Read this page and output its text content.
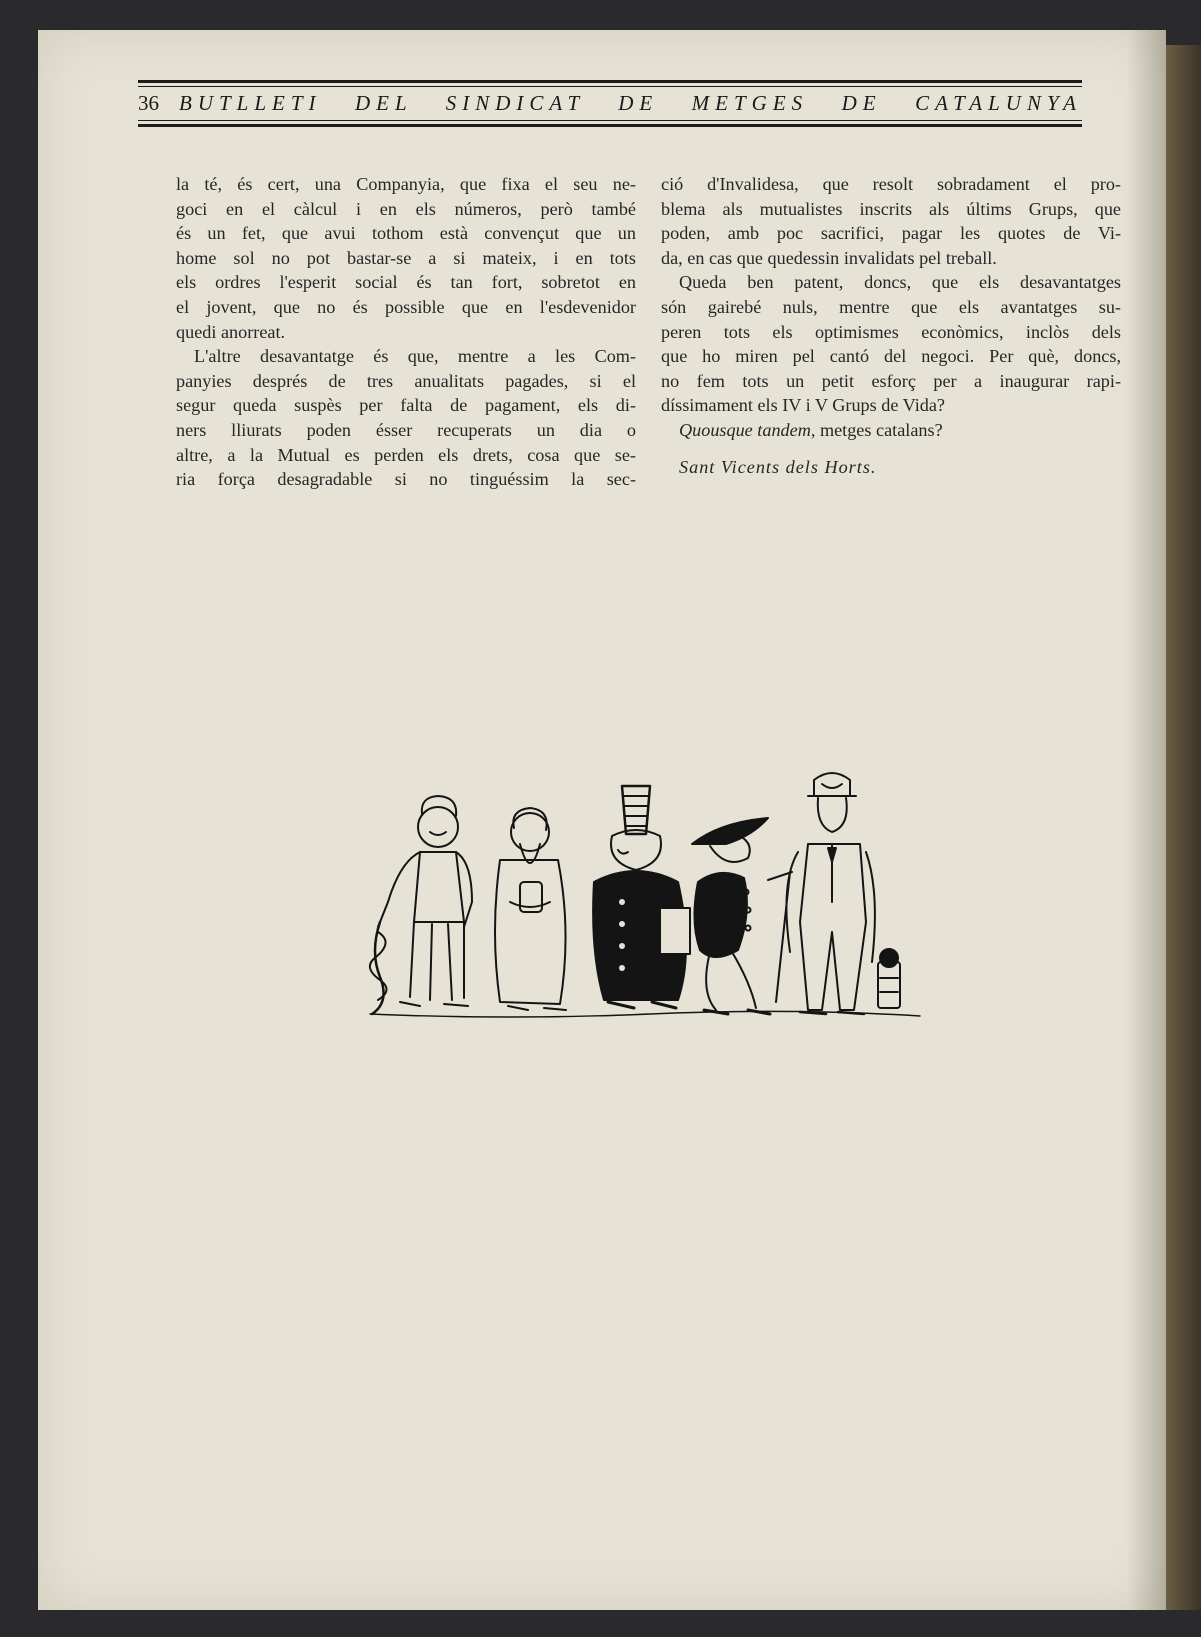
36 BUTLLETI DEL SINDICAT DE METGES DE CATALUNYA
la té, és cert, una Companyia, que fixa el seu ne-
goci en el càlcul i en els números, però també
és un fet, que avui tothom està convençut que un
home sol no pot bastar-se a si mateix, i en tots
els ordres l'esperit social és tan fort, sobretot en
el jovent, que no és possible que en l'esdevenidor
quedi anorreat.
L'altre desavantatge és que, mentre a les Com-
panyies després de tres anualitats pagades, si el
segur queda suspès per falta de pagament, els di-
ners lliurats poden ésser recuperats un dia o
altre, a la Mutual es perden els drets, cosa que se-
ria força desagradable si no tinguéssim la sec-
ció d'Invalidesa, que resolt sobradament el pro-
blema als mutualistes inscrits als últims Grups, que
poden, amb poc sacrifici, pagar les quotes de Vi-
da, en cas que quedessin invalidats pel treball.
Queda ben patent, doncs, que els desavantatges
són gairebé nuls, mentre que els avantatges su-
peren tots els optimismes econòmics, inclòs dels
que ho miren pel cantó del negoci. Per què, doncs,
no fem tots un petit esforç per a inaugurar rapi-
díssimament els IV i V Grups de Vida?
Quousque tandem, metges catalans?
Sant Vicents dels Horts.
